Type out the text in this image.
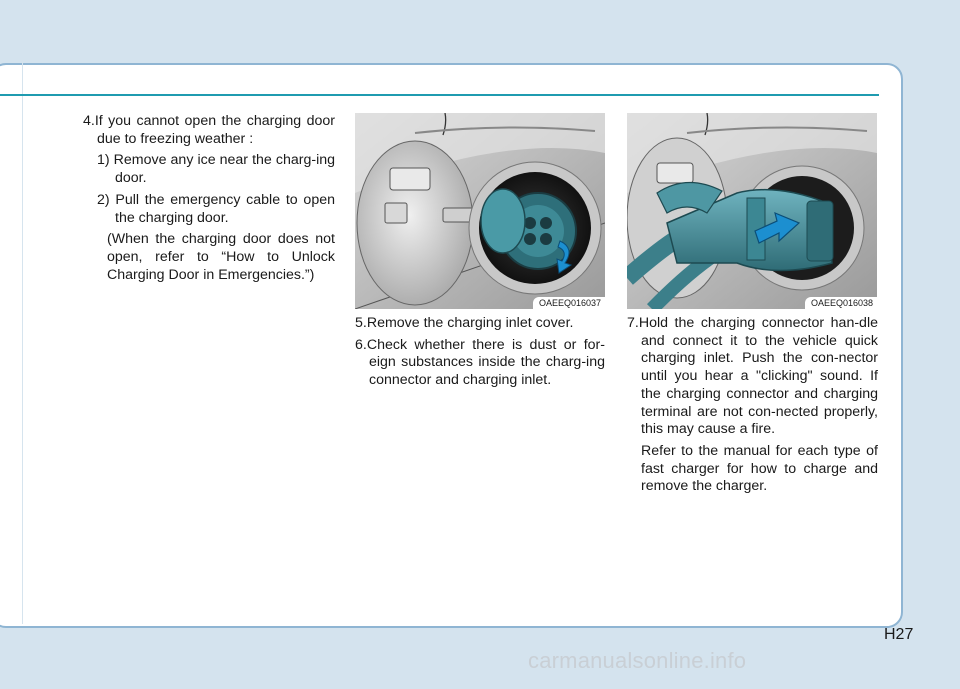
4.If you cannot open the charging door due to freezing weather :

1) Remove any ice near the charg-ing door.

2) Pull the emergency cable to open the charging door.

(When the charging door does not open, refer to “How to Unlock Charging Door in Emergencies.”)

OAEEQ016037	OAEEQ016038

5.Remove the charging inlet cover.

6.Check whether there is dust or for-eign substances inside the charg-ing connector and charging inlet.

7.Hold the charging connector han-dle and connect it to the vehicle quick charging inlet. Push the con-nector until you hear a "clicking" sound. If the charging connector and charging terminal are not con-nected properly, this may cause a fire.

Refer to the manual for each type of fast charger for how to charge and remove the charger.

H27
carmanualsonline.info
